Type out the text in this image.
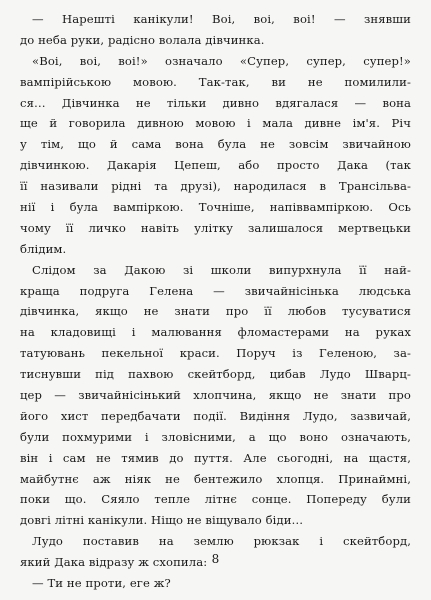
— Нарешті канікули! Воі, воі, воі! — знявши
до неба руки, радісно волала дівчинка.
«Воі, воі, воі!» означало «Супер, супер, супер!»
вампірійською мовою. Так-так, ви не помилили-
ся… Дівчинка не тільки дивно вдягалася — вона
ще й говорила дивною мовою і мала дивне ім'я. Річ
у тім, що й сама вона була не зовсім звичайною
дівчинкою. Дакарія Цепеш, або просто Дака (так
її називали рідні та друзі), народилася в Трансільва-
нії і була вампіркою. Точніше, напіввампіркою. Ось
чому її личко навіть улітку залишалося мертвецьки
блідим.
Слідом за Дакою зі школи випурхнула її най-
краща подруга Гелена — звичайнісінька людська
дівчинка, якщо не знати про її любов тусуватися
на кладовищі і малювання фломастерами на руках
татуювань пекельної краси. Поруч із Геленою, за-
тиснувши під пахвою скейтборд, цибав Лудо Шварц-
цер — звичайнісінький хлопчина, якщо не знати про
його хист передбачати події. Видіння Лудо, зазвичай,
були похмурими і зловісними, а що воно означають,
він і сам не тямив до пуття. Але сьогодні, на щастя,
майбутнє аж ніяк не бентежило хлопця. Принаймні,
поки що. Сяяло тепле літнє сонце. Попереду були
довгі літні канікули. Ніщо не віщувало біди…
Лудо поставив на землю рюкзак і скейтборд,
який Дака відразу ж схопила:
— Ти не проти, еге ж?
8
